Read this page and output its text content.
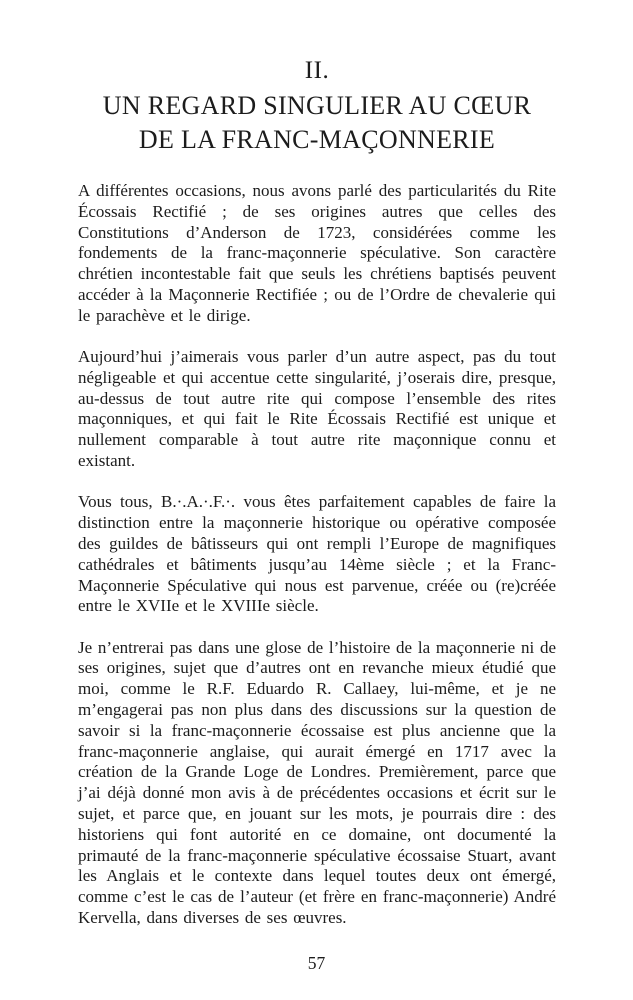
II.
UN REGARD SINGULIER AU CŒUR
DE LA FRANC-MAÇONNERIE

A différentes occasions, nous avons parlé des particularités du Rite Écossais Rectifié ; de ses origines autres que celles des Constitutions d’Anderson de 1723, considérées comme les fondements de la franc-maçonnerie spéculative. Son caractère chrétien incontestable fait que seuls les chrétiens baptisés peuvent accéder à la Maçonnerie Rectifiée ; ou de l’Ordre de chevalerie qui le parachève et le dirige.

Aujourd’hui j’aimerais vous parler d’un autre aspect, pas du tout négligeable et qui accentue cette singularité, j’oserais dire, presque, au-dessus de tout autre rite qui compose l’ensemble des rites maçonniques, et qui fait le Rite Écossais Rectifié est unique et nullement comparable à tout autre rite maçonnique connu et existant.

Vous tous, B.·.A.·.F.·. vous êtes parfaitement capables de faire la distinction entre la maçonnerie historique ou opérative composée des guildes de bâtisseurs qui ont rempli l’Europe de magnifiques cathédrales et bâtiments jusqu’au 14ème siècle ; et la Franc-Maçonnerie Spéculative qui nous est parvenue, créée ou (re)créée entre le XVIIe et le XVIIIe siècle.

Je n’entrerai pas dans une glose de l’histoire de la maçonnerie ni de ses origines, sujet que d’autres ont en revanche mieux étudié que moi, comme le R.F. Eduardo R. Callaey, lui-même, et je ne m’engagerai pas non plus dans des discussions sur la question de savoir si la franc-maçonnerie écossaise est plus ancienne que la franc-maçonnerie anglaise, qui aurait émergé en 1717 avec la création de la Grande Loge de Londres. Premièrement, parce que j’ai déjà donné mon avis à de précédentes occasions et écrit sur le sujet, et parce que, en jouant sur les mots, je pourrais dire : des historiens qui font autorité en ce domaine, ont documenté la primauté de la franc-maçonnerie spéculative écossaise Stuart, avant les Anglais et le contexte dans lequel toutes deux ont émergé, comme c’est le cas de l’auteur (et frère en franc-maçonnerie) André Kervella, dans diverses de ses œuvres.

57
